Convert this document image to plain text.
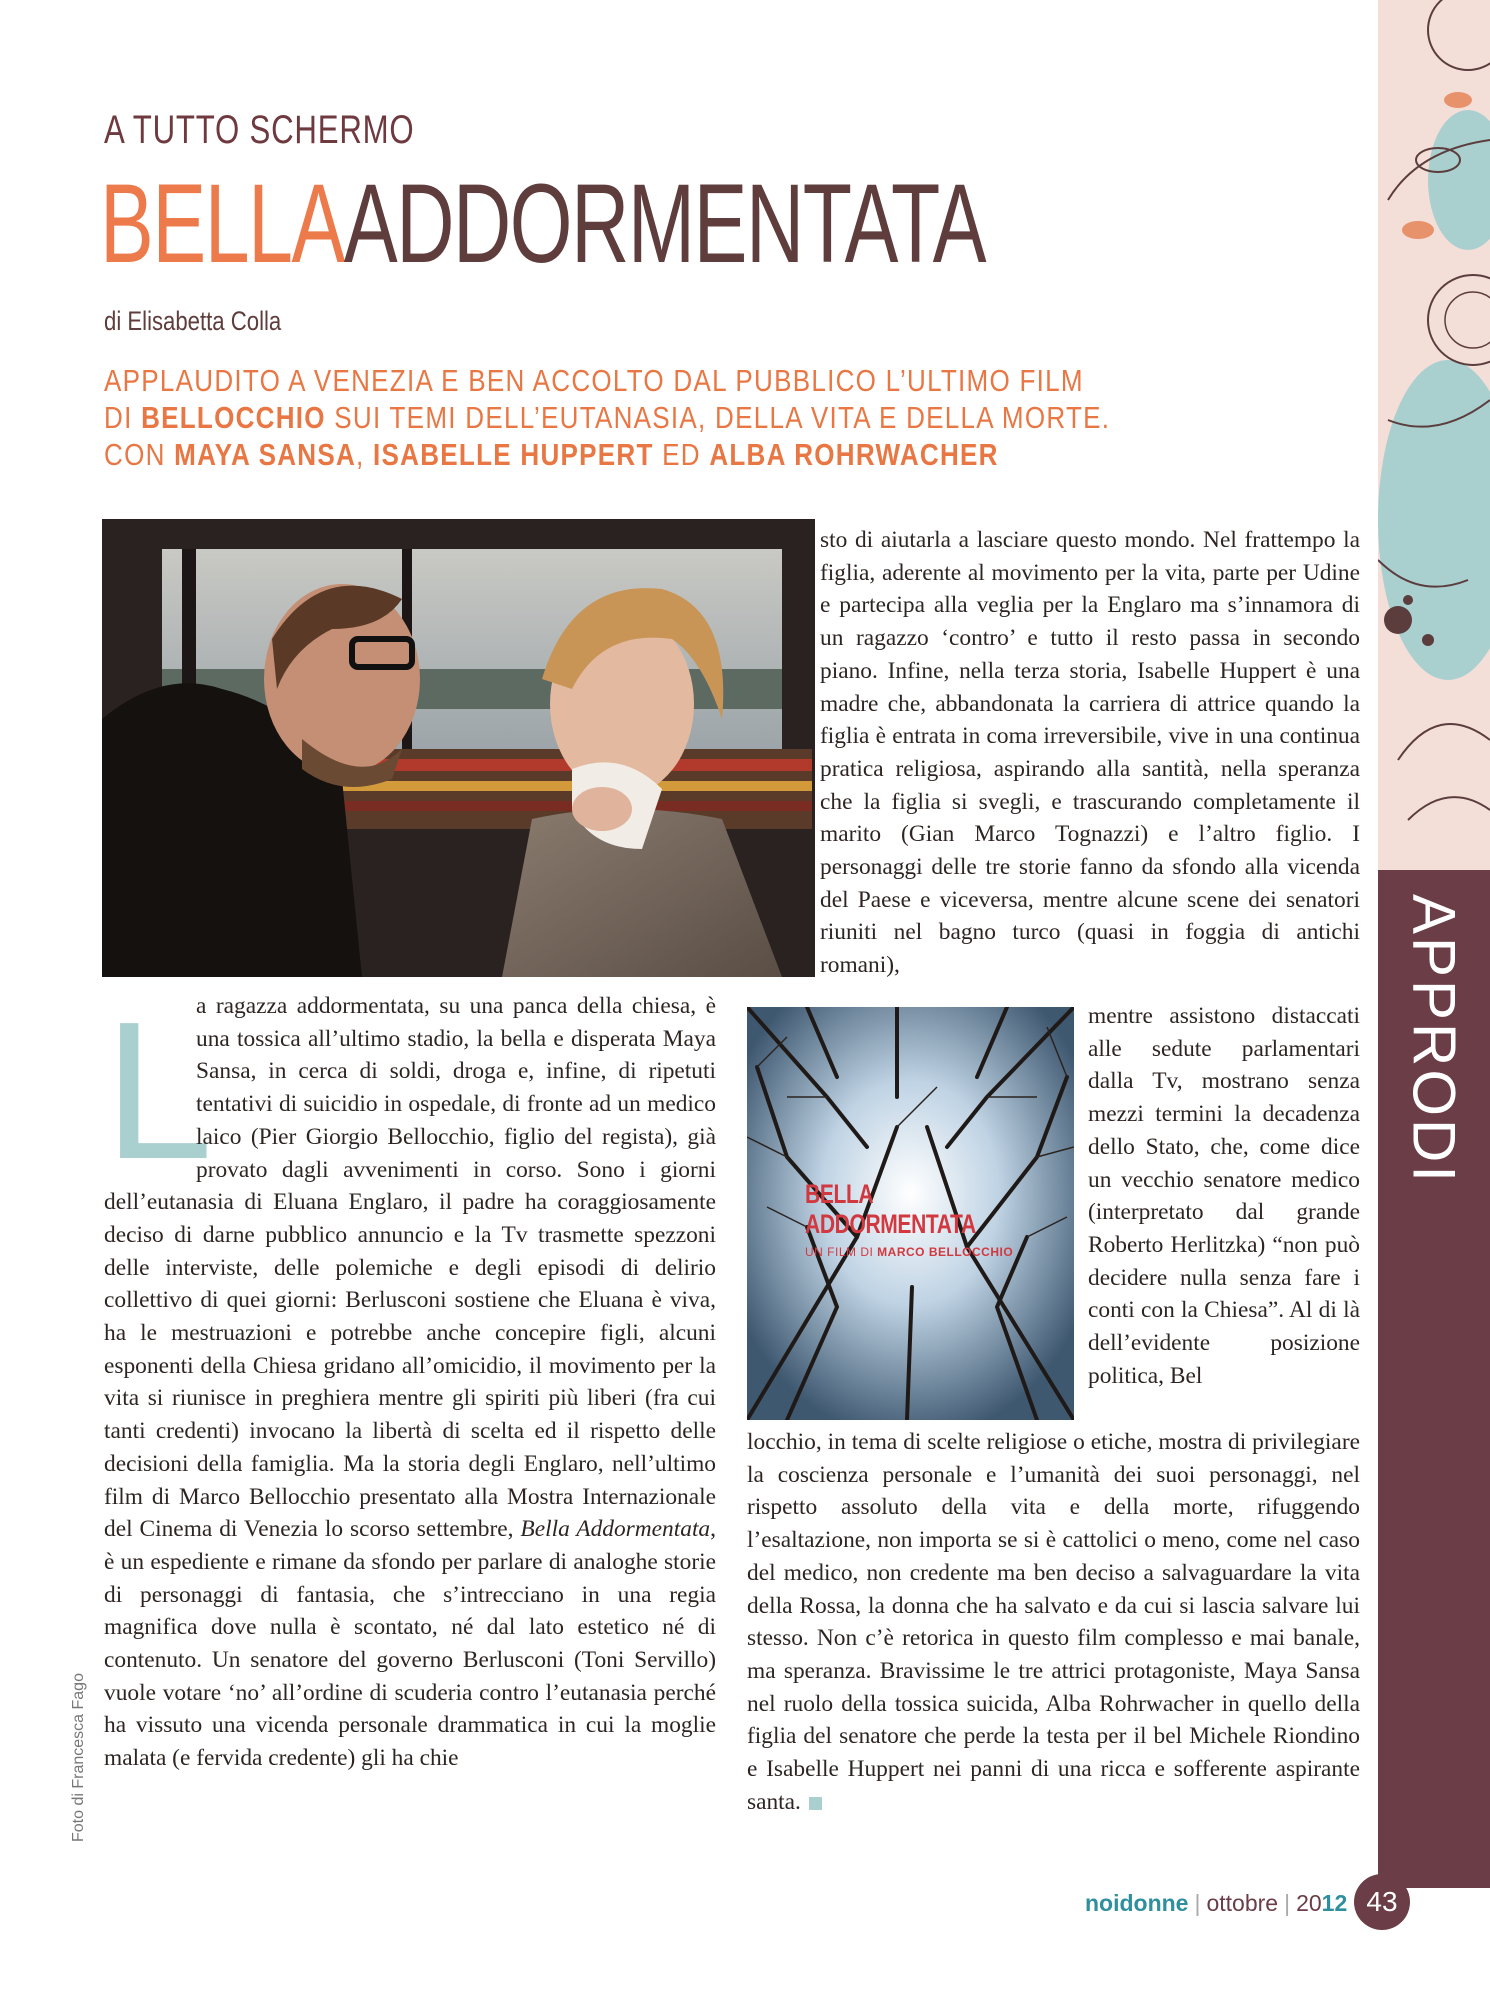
A TUTTO SCHERMO
BELLAADDORMENTATA
di Elisabetta Colla
APPLAUDITO A VENEZIA E BEN ACCOLTO DAL PUBBLICO L’ULTIMO FILM
DI BELLOCCHIO SUI TEMI DELL’EUTANASIA, DELLA VITA E DELLA MORTE.
CON MAYA SANSA, ISABELLE HUPPERT ED ALBA ROHRWACHER
L
a ragazza addormentata, su una panca della chiesa, è una tossica all’ultimo stadio, la bella e disperata Maya Sansa, in cerca di soldi, droga e, infine, di ripetuti tentativi di suicidio in ospedale, di fronte ad un medico laico (Pier Giorgio Bellocchio, figlio del regista), già provato dagli avvenimenti in corso. Sono i giorni dell’eutanasia di Eluana Englaro, il padre ha coraggiosamente deciso di darne pubblico annuncio e la Tv trasmette spezzoni delle interviste, delle polemiche e degli episodi di delirio collettivo di quei giorni: Berlusconi sostiene che Eluana è viva, ha le mestruazioni e potrebbe anche concepire figli, alcuni esponenti della Chiesa gridano all’omicidio, il movimento per la vita si riunisce in preghiera mentre gli spiriti più liberi (fra cui tanti credenti) invocano la libertà di scelta ed il rispetto delle decisioni della famiglia. Ma la storia degli Englaro, nell’ultimo film di Marco Bellocchio presentato alla Mostra Internazionale del Cinema di Venezia lo scorso settembre, Bella Addormentata, è un espediente e rimane da sfondo per parlare di analoghe storie di personaggi di fantasia, che s’intrecciano in una regia magnifica dove nulla è scontato, né dal lato estetico né di contenuto. Un senatore del governo Berlusconi (Toni Servillo) vuole votare ‘no’ all’ordine di scuderia contro l’eutanasia perché ha vissuto una vicenda personale drammatica in cui la moglie malata (e fervida credente) gli ha chie

sto di aiutarla a lasciare questo mondo. Nel frattempo la figlia, aderente al movimento per la vita, parte per Udine e partecipa alla veglia per la Englaro ma s’innamora di un ragazzo ‘contro’ e tutto il resto passa in secondo piano. Infine, nella terza storia, Isabelle Huppert è una madre che, abbandonata la carriera di attrice quando la figlia è entrata in coma irreversibile, vive in una continua pratica religiosa, aspirando alla santità, nella speranza che la figlia si svegli, e trascurando completamente il marito (Gian Marco Tognazzi) e l’altro figlio. I personaggi delle tre storie fanno da sfondo alla vicenda del Paese e viceversa, mentre alcune scene dei senatori riuniti nel bagno turco (quasi in foggia di antichi romani),

BELLA
ADDORMENTATA
UN FILM DI MARCO BELLOCCHIO

mentre assistono distaccati alle sedute parlamentari dalla Tv, mostrano senza mezzi termini la decadenza dello Stato, che, come dice un vecchio senatore medico (interpretato dal grande Roberto Herlitzka) “non può decidere nulla senza fare i conti con la Chiesa”. Al di là dell’evidente posizione politica, Bel

locchio, in tema di scelte religiose o etiche, mostra di privilegiare la coscienza personale e l’umanità dei suoi personaggi, nel rispetto assoluto della vita e della morte, rifuggendo l’esaltazione, non importa se si è cattolici o meno, come nel caso del medico, non credente ma ben deciso a salvaguardare la vita della Rossa, la donna che ha salvato e da cui si lascia salvare lui stesso. Non c’è retorica in questo film complesso e mai banale, ma speranza. Bravissime le tre attrici protagoniste, Maya Sansa nel ruolo della tossica suicida, Alba Rohrwacher in quello della figlia del senatore che perde la testa per il bel Michele Riondino e Isabelle Huppert nei panni di una ricca e sofferente aspirante santa.

APPRODI
Foto di Francesca Fago
noidonne | ottobre | 2012 43
